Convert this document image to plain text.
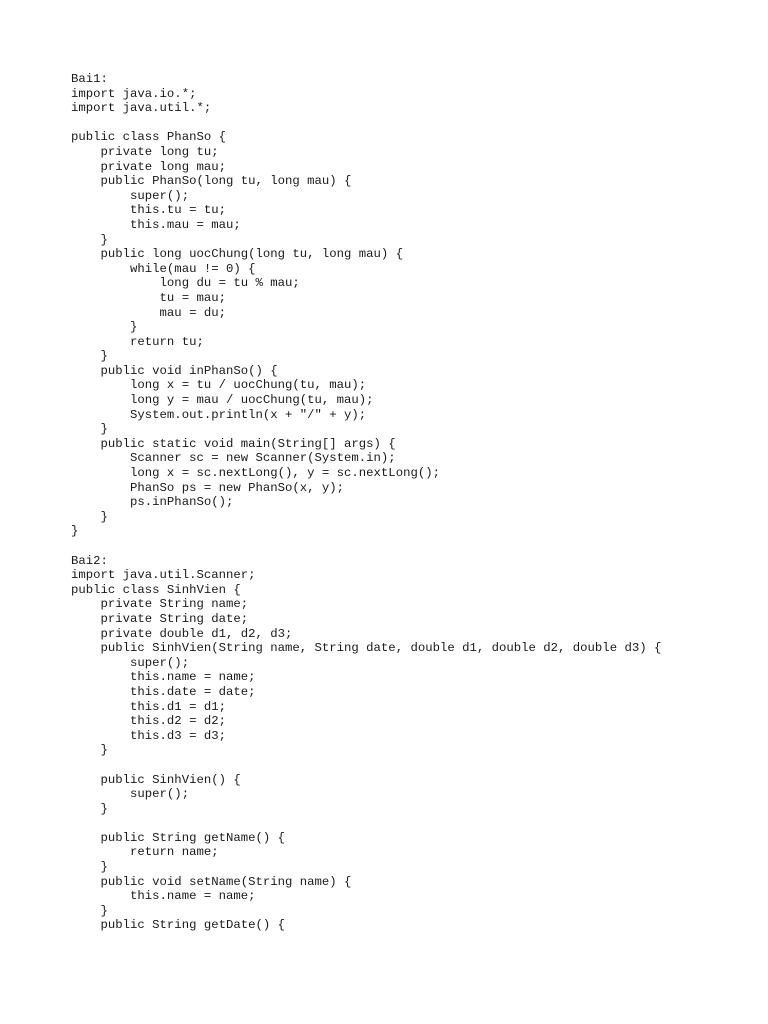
Bai1:
import java.io.*;
import java.util.*;
public class PhanSo {
private long tu;
private long mau;
public PhanSo(long tu, long mau) {
super();
this.tu = tu;
this.mau = mau;
}
public long uocChung(long tu, long mau) {
while(mau != 0) {
long du = tu % mau;
tu = mau;
mau = du;
}
return tu;
}
public void inPhanSo() {
long x = tu / uocChung(tu, mau);
long y = mau / uocChung(tu, mau);
System.out.println(x + "/" + y);
}
public static void main(String[] args) {
Scanner sc = new Scanner(System.in);
long x = sc.nextLong(), y = sc.nextLong();
PhanSo ps = new PhanSo(x, y);
ps.inPhanSo();
}
}
Bai2:
import java.util.Scanner;
public class SinhVien {
private String name;
private String date;
private double d1, d2, d3;
public SinhVien(String name, String date, double d1, double d2, double d3) {
super();
this.name = name;
this.date = date;
this.d1 = d1;
this.d2 = d2;
this.d3 = d3;
}
public SinhVien() {
super();
}
public String getName() {
return name;
}
public void setName(String name) {
this.name = name;
}
public String getDate() {
